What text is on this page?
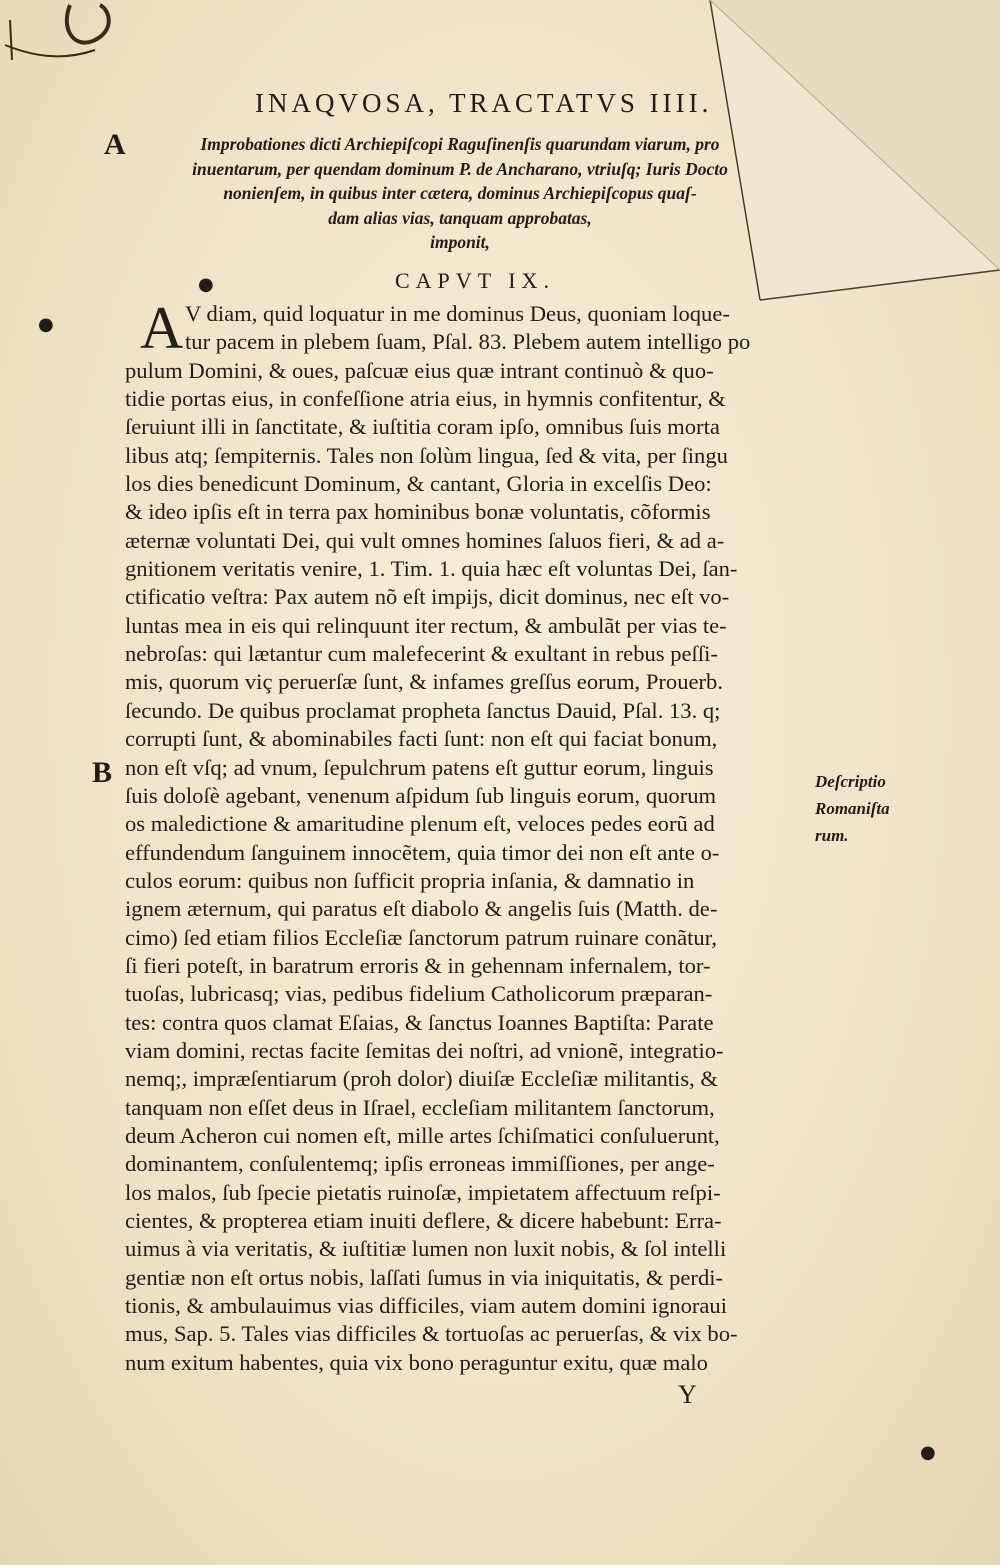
INAQVOSA, TRACTATVS IIII.
A	Improbationes dicti Archiepiſcopi Raguſinenſis quarundam viarum, pro
inuentarum, per quendam dominum P. de Ancharano, vtriuſq; Iuris Docto
nonienſem, in quibus inter cætera, dominus Archiepiſcopus quaſ-
dam alias vias, tanquam approbatas,
imponit,
●
●
●
CAPVT IX.
A V diam, quid loquatur in me dominus Deus, quoniam loque-
tur pacem in plebem ſuam, Pſal. 83. Plebem autem intelligo po
pulum Domini, & oues, paſcuæ eius quæ intrant continuò & quo-
tidie portas eius, in confeſſione atria eius, in hymnis confitentur, &
ſeruiunt illi in ſanctitate, & iuſtitia coram ipſo, omnibus ſuis morta
libus atq; ſempiternis. Tales non ſolùm lingua, ſed & vita, per ſingu
los dies benedicunt Dominum, & cantant, Gloria in excelſis Deo:
& ideo ipſis eſt in terra pax hominibus bonæ voluntatis, cõformis
æternæ voluntati Dei, qui vult omnes homines ſaluos fieri, & ad a-
gnitionem veritatis venire, 1. Tim. 1. quia hæc eſt voluntas Dei, ſan-
ctificatio veſtra: Pax autem nõ eſt impijs, dicit dominus, nec eſt vo-
luntas mea in eis qui relinquunt iter rectum, & ambulãt per vias te-
nebroſas: qui lætantur cum malefecerint & exultant in rebus peſſi-
mis, quorum viç peruerſæ ſunt, & infames greſſus eorum, Prouerb.
ſecundo. De quibus proclamat propheta ſanctus Dauid, Pſal. 13. q;
corrupti ſunt, & abominabiles facti ſunt: non eſt qui faciat bonum,
non eſt vſq; ad vnum, ſepulchrum patens eſt guttur eorum, linguis
ſuis doloſè agebant, venenum aſpidum ſub linguis eorum, quorum
os maledictione & amaritudine plenum eſt, veloces pedes eorũ ad
effundendum ſanguinem innocẽtem, quia timor dei non eſt ante o-
culos eorum: quibus non ſufficit propria inſania, & damnatio in
ignem æternum, qui paratus eſt diabolo & angelis ſuis (Matth. de-
cimo) ſed etiam filios Eccleſiæ ſanctorum patrum ruinare conãtur,
ſi fieri poteſt, in baratrum erroris & in gehennam infernalem, tor-
tuoſas, lubricasq; vias, pedibus fidelium Catholicorum præparan-
tes: contra quos clamat Eſaias, & ſanctus Ioannes Baptiſta: Parate
viam domini, rectas facite ſemitas dei noſtri, ad vnionẽ, integratio-
nemq;, impræſentiarum (proh dolor) diuiſæ Eccleſiæ militantis, &
tanquam non eſſet deus in Iſrael, eccleſiam militantem ſanctorum,
deum Acheron cui nomen eſt, mille artes ſchiſmatici conſuluerunt,
dominantem, conſulentemq; ipſis erroneas immiſſiones, per ange-
los malos, ſub ſpecie pietatis ruinoſæ, impietatem affectuum reſpi-
cientes, & propterea etiam inuiti deflere, & dicere habebunt: Erra-
uimus à via veritatis, & iuſtitiæ lumen non luxit nobis, & ſol intelli
gentiæ non eſt ortus nobis, laſſati ſumus in via iniquitatis, & perdi-
tionis, & ambulauimus vias difficiles, viam autem domini ignoraui
mus, Sap. 5. Tales vias difficiles & tortuoſas ac peruerſas, & vix bo-
num exitum habentes, quia vix bono peraguntur exitu, quæ malo
B	Deſcriptio
Romaniſta
rum.
Y
